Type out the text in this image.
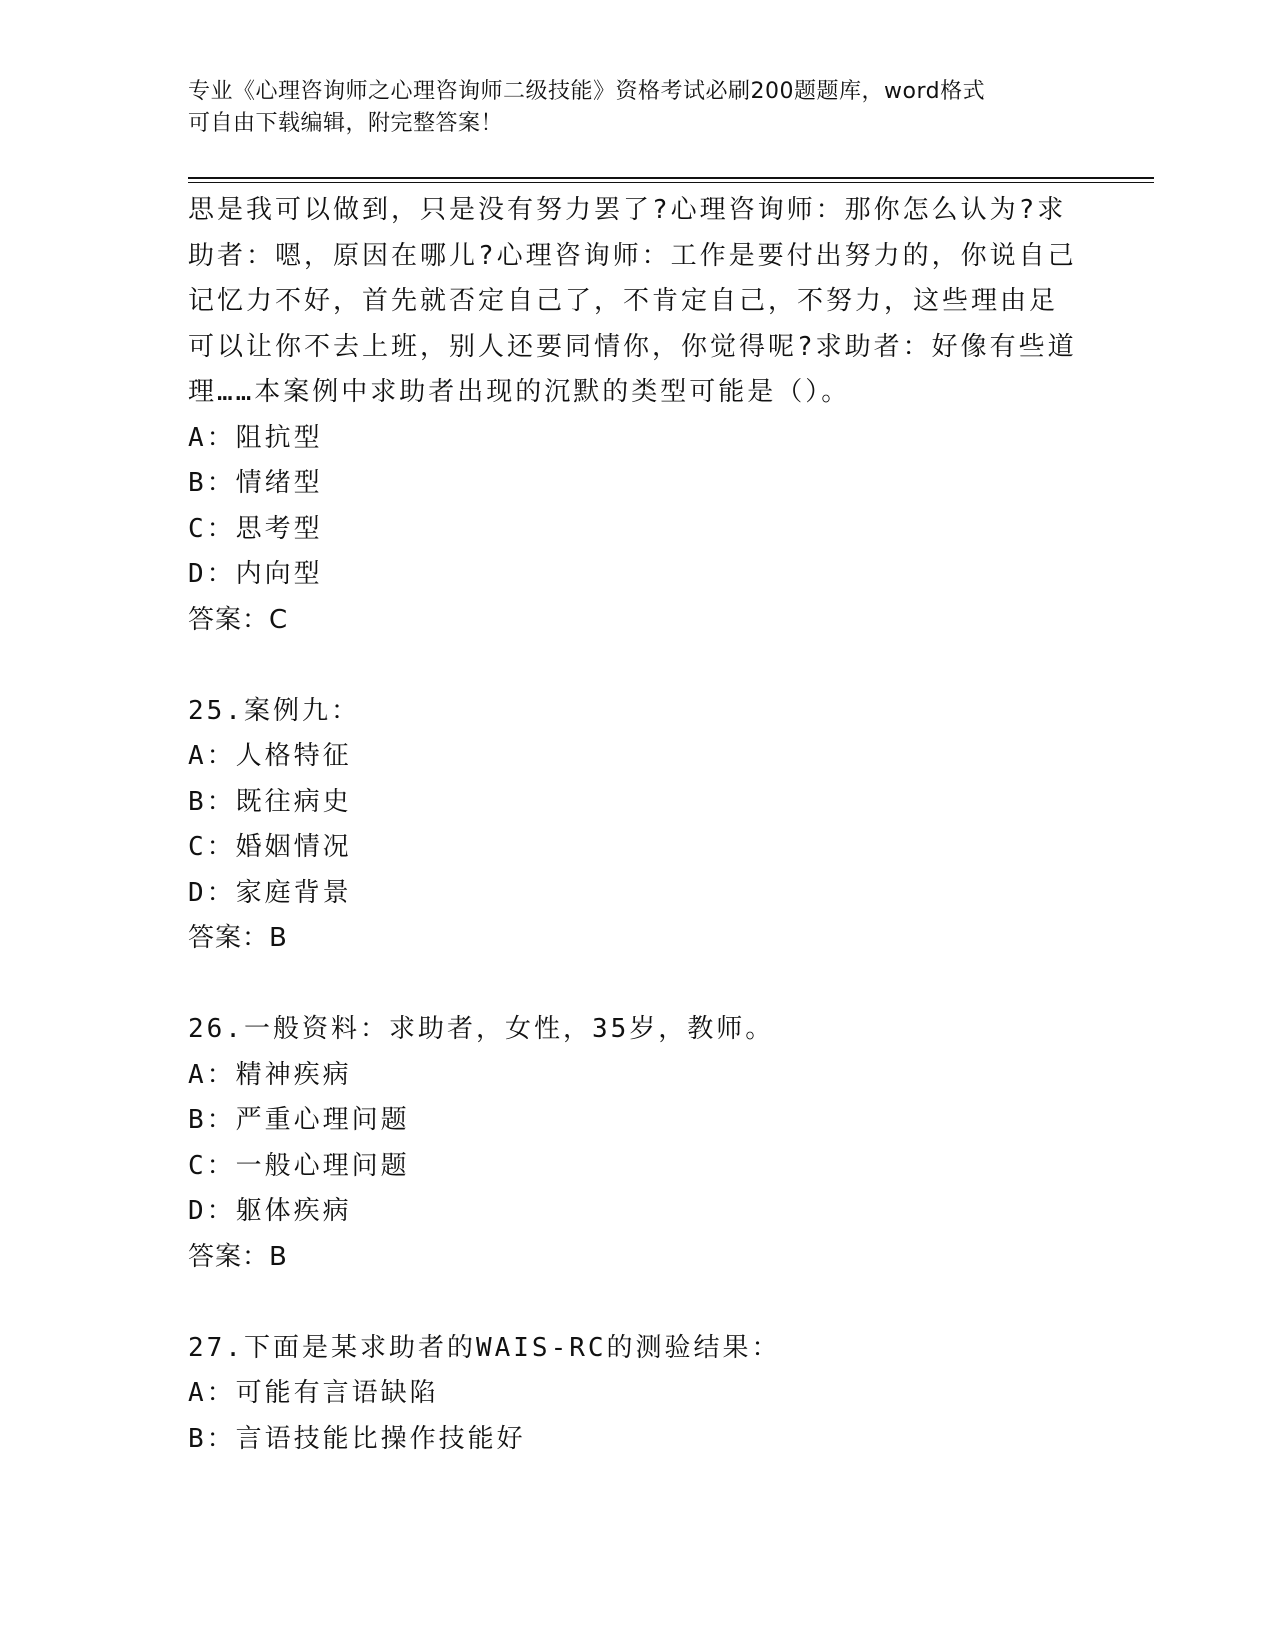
专业《心理咨询师之心理咨询师二级技能》资格考试必刷200题题库，word格式
可自由下载编辑，附完整答案！
思是我可以做到，只是没有努力罢了?心理咨询师：那你怎么认为?求
助者：嗯，原因在哪儿?心理咨询师：工作是要付出努力的，你说自己
记忆力不好，首先就否定自己了，不肯定自己，不努力，这些理由足
可以让你不去上班，别人还要同情你，你觉得呢?求助者：好像有些道
理……本案例中求助者出现的沉默的类型可能是（）。
A：阻抗型
B：情绪型
C：思考型
D：内向型
答案：C
25.案例九：
A：人格特征
B：既往病史
C：婚姻情况
D：家庭背景
答案：B
26.一般资料：求助者，女性，35岁，教师。
A：精神疾病
B：严重心理问题
C：一般心理问题
D：躯体疾病
答案：B
27.下面是某求助者的WAIS-RC的测验结果：
A：可能有言语缺陷
B：言语技能比操作技能好
